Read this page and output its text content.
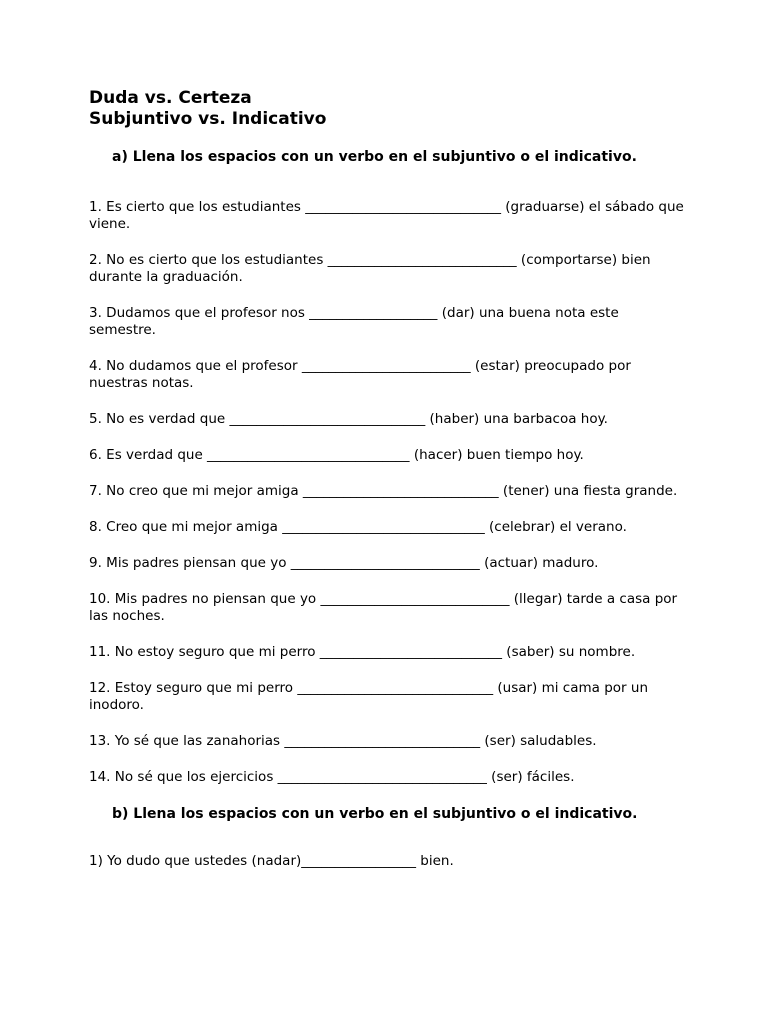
Duda vs. Certeza
Subjuntivo vs. Indicativo
a) Llena los espacios con un verbo en el subjuntivo o el indicativo.

1. Es cierto que los estudiantes _____________________________ (graduarse) el sábado que viene.

2. No es cierto que los estudiantes ____________________________ (comportarse) bien durante la graduación.

3. Dudamos que el profesor nos ___________________ (dar) una buena nota este semestre.

4. No dudamos que el profesor _________________________ (estar) preocupado por nuestras notas.

5. No es verdad que _____________________________ (haber) una barbacoa hoy.

6. Es verdad que ______________________________ (hacer) buen tiempo hoy.

7. No creo que mi mejor amiga _____________________________ (tener) una fiesta grande.

8. Creo que mi mejor amiga ______________________________ (celebrar) el verano.

9. Mis padres piensan que yo ____________________________ (actuar) maduro.

10. Mis padres no piensan que yo ____________________________ (llegar) tarde a casa por las noches.

11. No estoy seguro que mi perro ___________________________ (saber) su nombre.

12. Estoy seguro que mi perro _____________________________ (usar) mi cama por un inodoro.

13. Yo sé que las zanahorias _____________________________ (ser) saludables.

14. No sé que los ejercicios _______________________________ (ser) fáciles.

b) Llena los espacios con un verbo en el subjuntivo o el indicativo.

1) Yo dudo que ustedes (nadar)_________________ bien.
